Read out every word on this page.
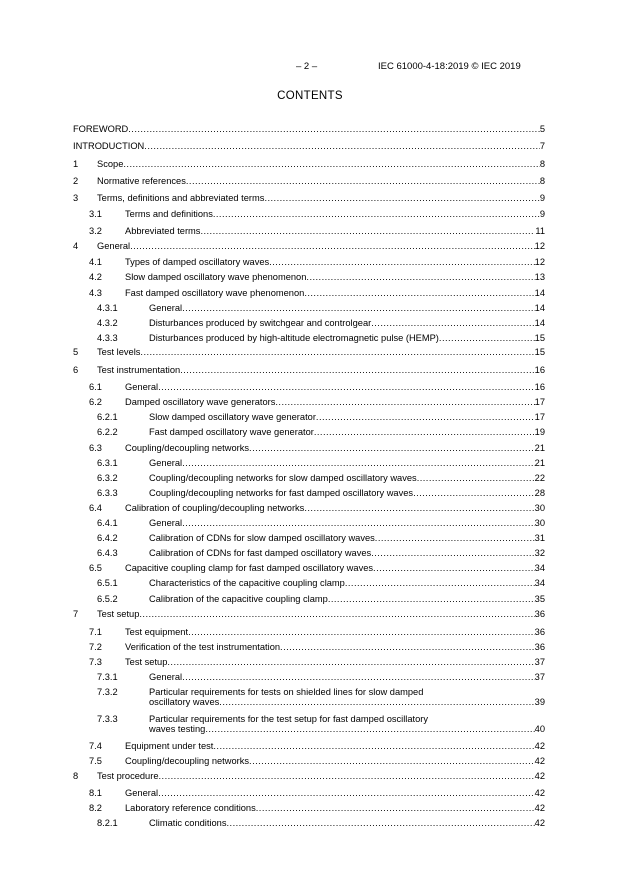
– 2 –	IEC 61000-4-18:2019 © IEC 2019
CONTENTS
FOREWORD .....	5
INTRODUCTION .....	7
1 Scope .....	8
2 Normative references .....	8
3 Terms, definitions and abbreviated terms .....	9
3.1 Terms and definitions .....	9
3.2 Abbreviated terms .....	11
4 General .....	12
4.1 Types of damped oscillatory waves .....	12
4.2 Slow damped oscillatory wave phenomenon .....	13
4.3 Fast damped oscillatory wave phenomenon .....	14
4.3.1	General .....	14
4.3.2	Disturbances produced by switchgear and controlgear .....	14
4.3.3	Disturbances produced by high-altitude electromagnetic pulse (HEMP) .....	15
5 Test levels .....	15
6 Test instrumentation .....	16
6.1 General .....	16
6.2 Damped oscillatory wave generators .....	17
6.2.1	Slow damped oscillatory wave generator .....	17
6.2.2	Fast damped oscillatory wave generator .....	19
6.3 Coupling/decoupling networks .....	21
6.3.1	General .....	21
6.3.2	Coupling/decoupling networks for slow damped oscillatory waves .....	22
6.3.3	Coupling/decoupling networks for fast damped oscillatory waves .....	28
6.4 Calibration of coupling/decoupling networks .....	30
6.4.1	General .....	30
6.4.2	Calibration of CDNs for slow damped oscillatory waves .....	31
6.4.3	Calibration of CDNs for fast damped oscillatory waves .....	32
6.5 Capacitive coupling clamp for fast damped oscillatory waves .....	34
6.5.1	Characteristics of the capacitive coupling clamp .....	34
6.5.2	Calibration of the capacitive coupling clamp .....	35
7 Test setup .....	36
7.1 Test equipment .....	36
7.2 Verification of the test instrumentation .....	36
7.3 Test setup .....	37
7.3.1	General .....	37
7.3.2	Particular requirements for tests on shielded lines for slow damped
oscillatory waves .....	39
7.3.3	Particular requirements for the test setup for fast damped oscillatory
waves testing .....	40
7.4 Equipment under test .....	42
7.5 Coupling/decoupling networks .....	42
8 Test procedure .....	42
8.1 General .....	42
8.2 Laboratory reference conditions .....	42
8.2.1	Climatic conditions .....	42
